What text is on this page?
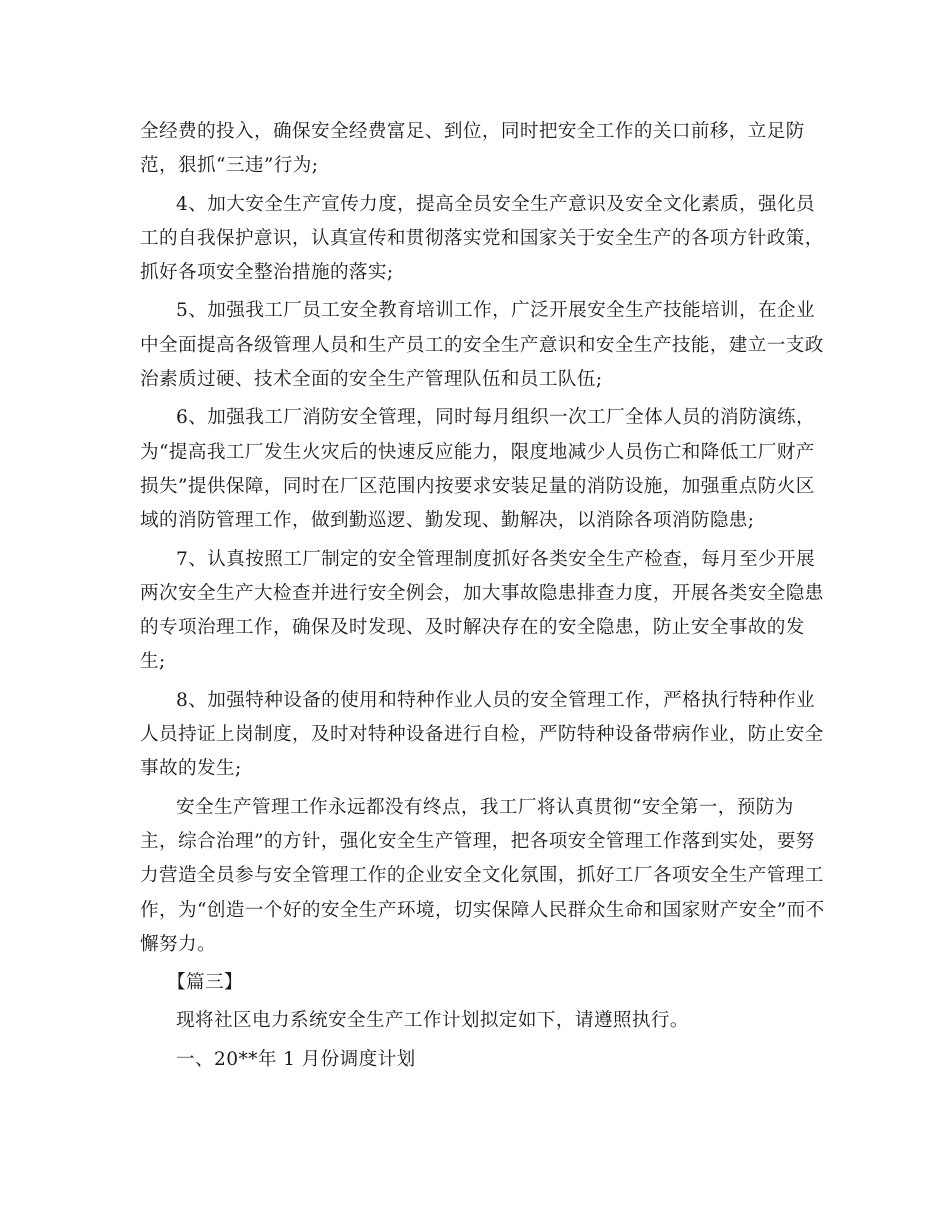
全经费的投入，确保安全经费富足、到位，同时把安全工作的关口前移，立足防
范，狠抓“三违”行为;
4、加大安全生产宣传力度，提高全员安全生产意识及安全文化素质，强化员
工的自我保护意识，认真宣传和贯彻落实党和国家关于安全生产的各项方针政策，
抓好各项安全整治措施的落实;
5、加强我工厂员工安全教育培训工作，广泛开展安全生产技能培训，在企业
中全面提高各级管理人员和生产员工的安全生产意识和安全生产技能，建立一支政
治素质过硬、技术全面的安全生产管理队伍和员工队伍;
6、加强我工厂消防安全管理，同时每月组织一次工厂全体人员的消防演练，
为“提高我工厂发生火灾后的快速反应能力，限度地减少人员伤亡和降低工厂财产
损失”提供保障，同时在厂区范围内按要求安装足量的消防设施，加强重点防火区
域的消防管理工作，做到勤巡逻、勤发现、勤解决，以消除各项消防隐患;
7、认真按照工厂制定的安全管理制度抓好各类安全生产检查，每月至少开展
两次安全生产大检查并进行安全例会，加大事故隐患排查力度，开展各类安全隐患
的专项治理工作，确保及时发现、及时解决存在的安全隐患，防止安全事故的发
生;
8、加强特种设备的使用和特种作业人员的安全管理工作，严格执行特种作业
人员持证上岗制度，及时对特种设备进行自检，严防特种设备带病作业，防止安全
事故的发生;
安全生产管理工作永远都没有终点，我工厂将认真贯彻“安全第一，预防为
主，综合治理”的方针，强化安全生产管理，把各项安全管理工作落到实处，要努
力营造全员参与安全管理工作的企业安全文化氛围，抓好工厂各项安全生产管理工
作，为“创造一个好的安全生产环境，切实保障人民群众生命和国家财产安全”而不
懈努力。
【篇三】
现将社区电力系统安全生产工作计划拟定如下，请遵照执行。
一、20**年 1 月份调度计划
